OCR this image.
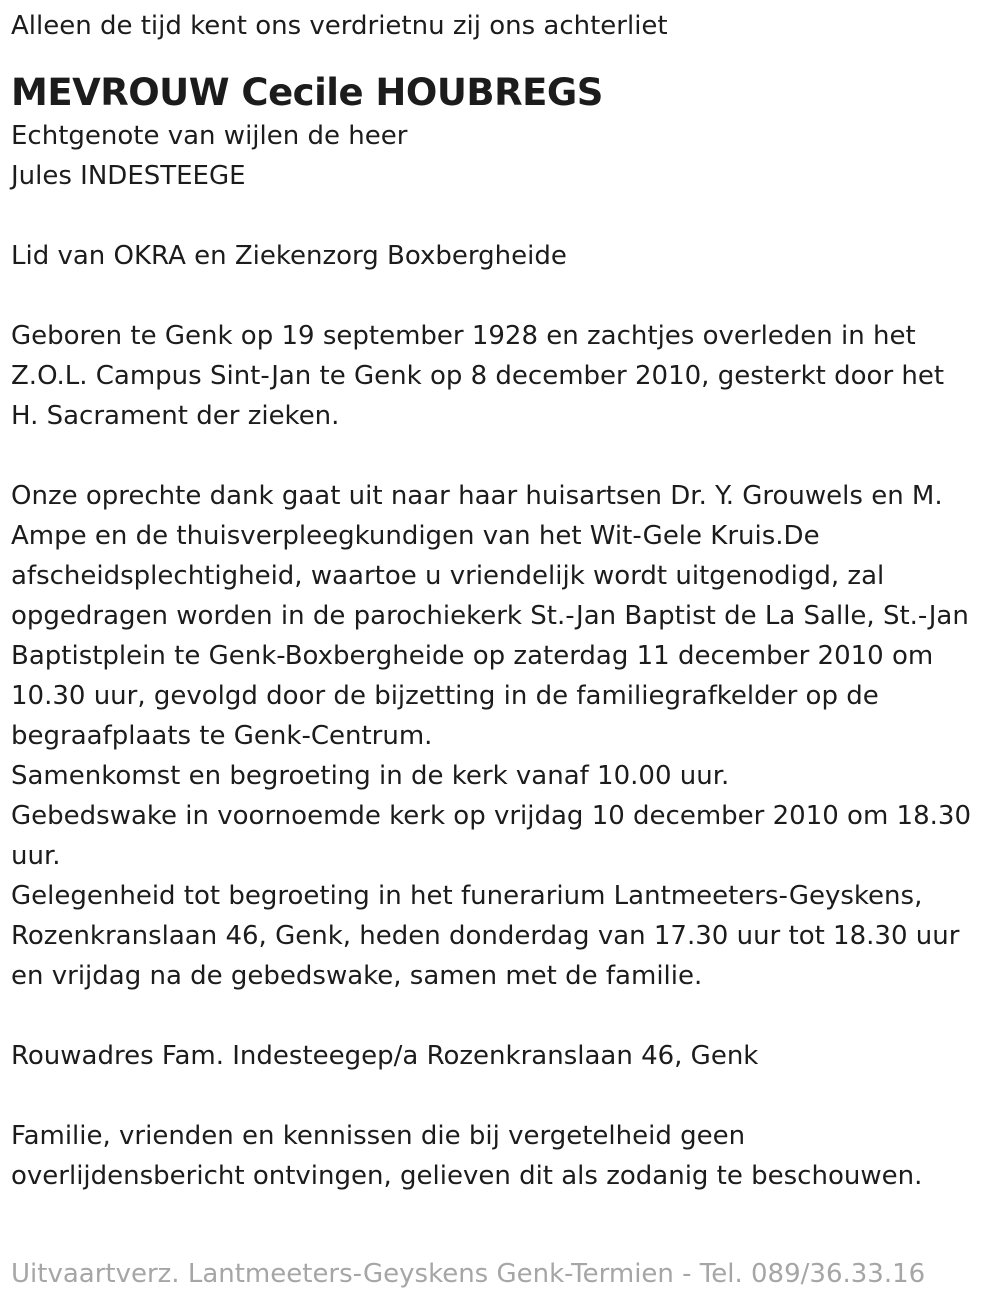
Alleen de tijd kent ons verdrietnu zij ons achterliet
MEVROUW Cecile HOUBREGS
Echtgenote van wijlen de heer
Jules INDESTEEGE
Lid van OKRA en Ziekenzorg Boxbergheide
Geboren te Genk op 19 september 1928 en zachtjes overleden in het
Z.O.L. Campus Sint-Jan te Genk op 8 december 2010, gesterkt door het
H. Sacrament der zieken.
Onze oprechte dank gaat uit naar haar huisartsen Dr. Y. Grouwels en M.
Ampe en de thuisverpleegkundigen van het Wit-Gele Kruis.De
afscheidsplechtigheid, waartoe u vriendelijk wordt uitgenodigd, zal
opgedragen worden in de parochiekerk St.-Jan Baptist de La Salle, St.-Jan
Baptistplein te Genk-Boxbergheide op zaterdag 11 december 2010 om
10.30 uur, gevolgd door de bijzetting in de familiegrafkelder op de
begraafplaats te Genk-Centrum.
Samenkomst en begroeting in de kerk vanaf 10.00 uur.
Gebedswake in voornoemde kerk op vrijdag 10 december 2010 om 18.30
uur.
Gelegenheid tot begroeting in het funerarium Lantmeeters-Geyskens,
Rozenkranslaan 46, Genk, heden donderdag van 17.30 uur tot 18.30 uur
en vrijdag na de gebedswake, samen met de familie.
Rouwadres Fam. Indesteegep/a Rozenkranslaan 46, Genk
Familie, vrienden en kennissen die bij vergetelheid geen
overlijdensbericht ontvingen, gelieven dit als zodanig te beschouwen.
Uitvaartverz. Lantmeeters-Geyskens Genk-Termien - Tel. 089/36.33.16
